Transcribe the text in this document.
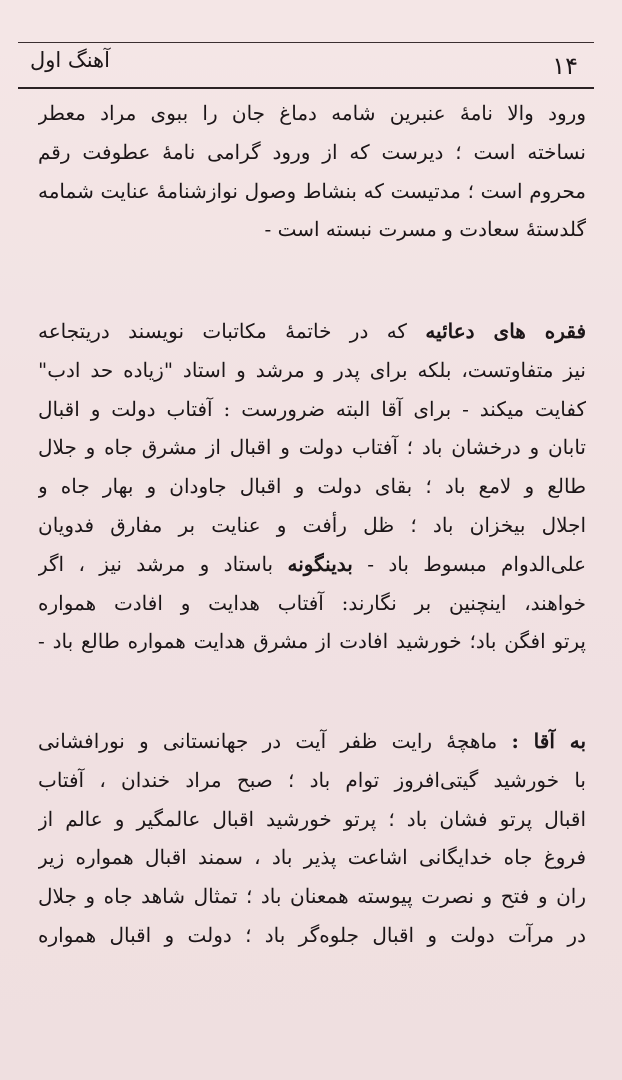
آهنگ اول	۱۴
ورود والا نامهٔ عنبرین شامه دماغ جان را ببوی مراد معطر
نساخته است ؛ دیرست که از ورود گرامی نامهٔ عطوفت رقم
محروم است ؛ مدتیست که بنشاط وصول نوازشنامهٔ عنایت شمامه
گلدستهٔ سعادت و مسرت نبسته است -
فقره های دعائیه که در خاتمهٔ مکاتبات نویسند دریتجاعه
نیز متفاوتست، بلکه برای پدر و مرشد و استاد "زیاده حد ادب"
کفایت میکند - برای آقا البته ضرورست : آفتاب دولت و اقبال
تابان و درخشان باد ؛ آفتاب دولت و اقبال از مشرق جاه و جلال
طالع و لامع باد ؛ بقای دولت و اقبال جاودان و بهار جاه و
اجلال بیخزان باد ؛ ظل رأفت و عنایت بر مفارق فدویان
علی‌الدوام مبسوط باد - بدینگونه باستاد و مرشد نیز ، اگر
خواهند، اینچنین بر نگارند: آفتاب هدایت و افادت همواره
پرتو افگن باد؛ خورشید افادت از مشرق هدایت همواره طالع باد -
به آقا : ماهچهٔ رایت ظفر آیت در جهانستانی و نورافشانی
با خورشید گیتی‌افروز توام باد ؛ صبح مراد خندان ، آفتاب
اقبال پرتو فشان باد ؛ پرتو خورشید اقبال عالمگیر و عالم از
فروغ جاه خدایگانی اشاعت پذیر باد ، سمند اقبال همواره زیر
ران و فتح و نصرت پیوسته همعنان باد ؛ تمثال شاهد جاه و جلال
در مرآت دولت و اقبال جلوه‌گر باد ؛ دولت و اقبال همواره
